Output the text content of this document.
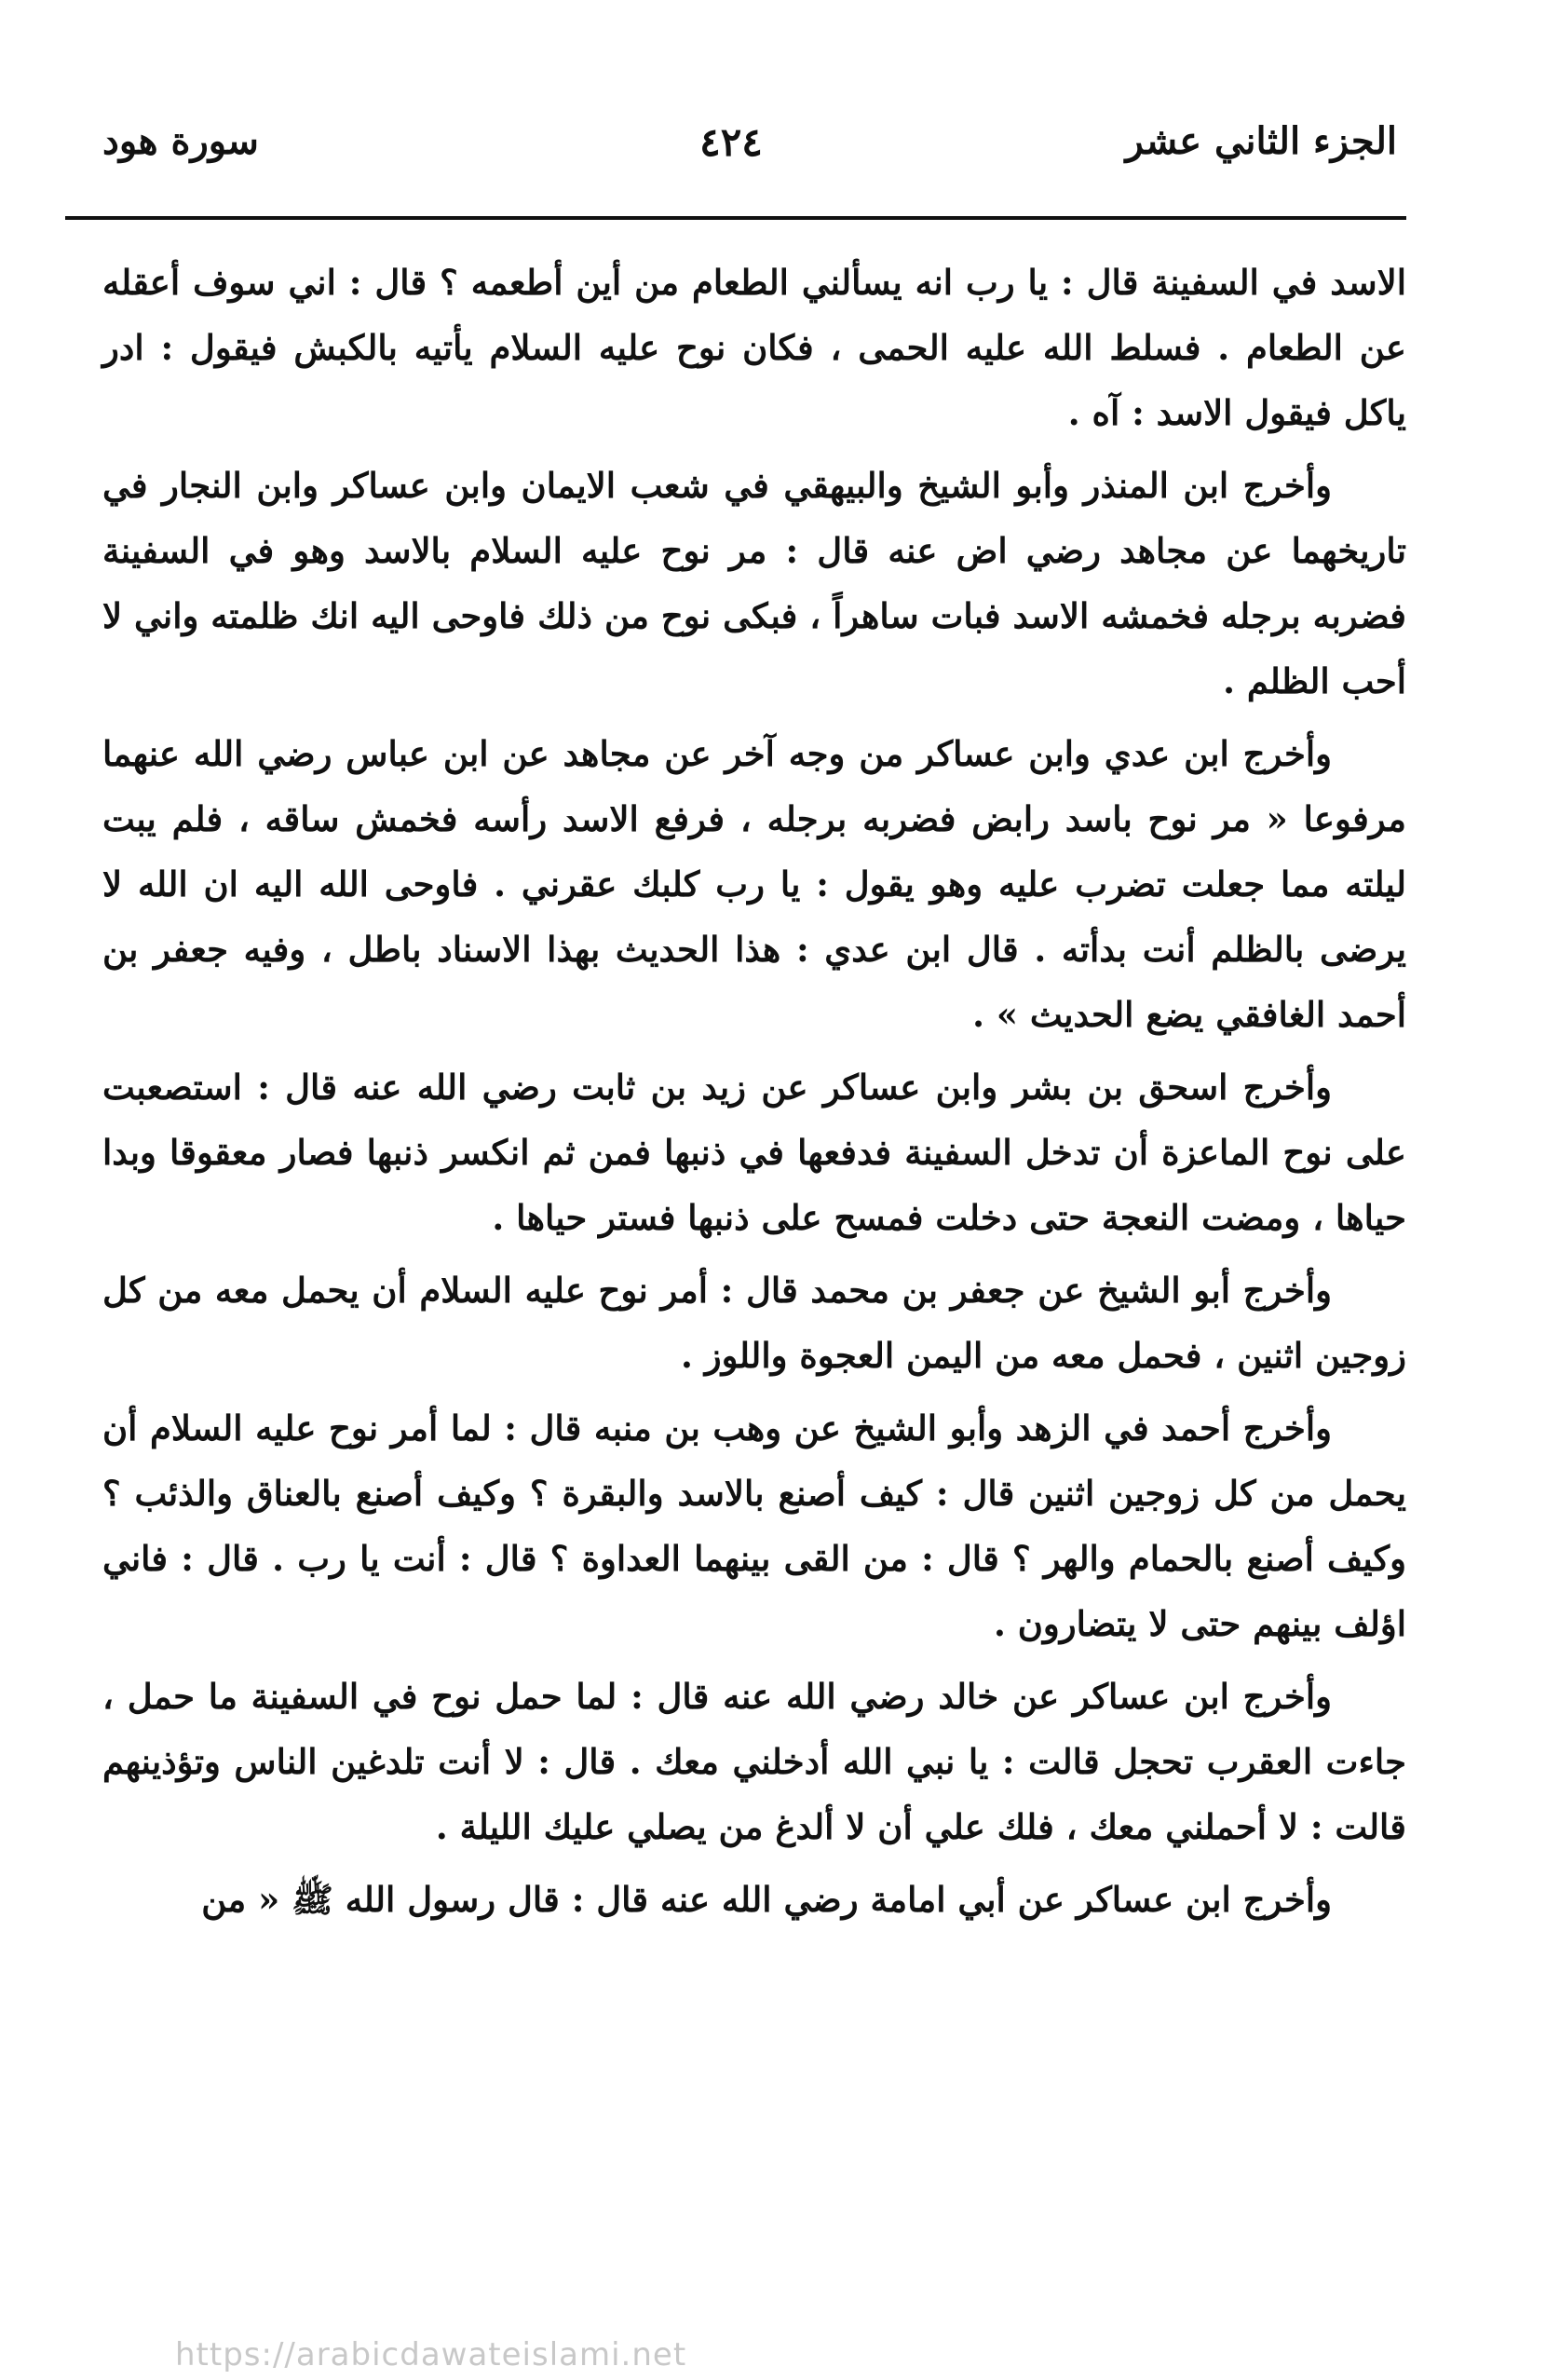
الجزء الثاني عشر
٤٢٤
سورة هود

الاسد في السفينة قال : يا رب انه يسألني الطعام من أين أطعمه ؟ قال : اني سوف أعقله عن الطعام . فسلط الله عليه الحمى ، فكان نوح عليه السلام يأتيه بالكبش فيقول : ادر ياكل فيقول الاسد : آه .

وأخرج ابن المنذر وأبو الشيخ والبيهقي في شعب الايمان وابن عساكر وابن النجار في تاريخهما عن مجاهد رضي اض عنه قال : مر نوح عليه السلام بالاسد وهو في السفينة فضربه برجله فخمشه الاسد فبات ساهراً ، فبكى نوح من ذلك فاوحى اليه انك ظلمته واني لا أحب الظلم .

وأخرج ابن عدي وابن عساكر من وجه آخر عن مجاهد عن ابن عباس رضي الله عنهما مرفوعا « مر نوح باسد رابض فضربه برجله ، فرفع الاسد رأسه فخمش ساقه ، فلم يبت ليلته مما جعلت تضرب عليه وهو يقول : يا رب كلبك عقرني . فاوحى الله اليه ان الله لا يرضى بالظلم أنت بدأته . قال ابن عدي : هذا الحديث بهذا الاسناد باطل ، وفيه جعفر بن أحمد الغافقي يضع الحديث » .

وأخرج اسحق بن بشر وابن عساكر عن زيد بن ثابت رضي الله عنه قال : استصعبت على نوح الماعزة أن تدخل السفينة فدفعها في ذنبها فمن ثم انكسر ذنبها فصار معقوقا وبدا حياها ، ومضت النعجة حتى دخلت فمسح على ذنبها فستر حياها .

وأخرج أبو الشيخ عن جعفر بن محمد قال : أمر نوح عليه السلام أن يحمل معه من كل زوجين اثنين ، فحمل معه من اليمن العجوة واللوز .

وأخرج أحمد في الزهد وأبو الشيخ عن وهب بن منبه قال : لما أمر نوح عليه السلام أن يحمل من كل زوجين اثنين قال : كيف أصنع بالاسد والبقرة ؟ وكيف أصنع بالعناق والذئب ؟ وكيف أصنع بالحمام والهر ؟ قال : من القى بينهما العداوة ؟ قال : أنت يا رب . قال : فاني اؤلف بينهم حتى لا يتضارون .

وأخرج ابن عساكر عن خالد رضي الله عنه قال : لما حمل نوح في السفينة ما حمل ، جاءت العقرب تحجل قالت : يا نبي الله أدخلني معك . قال : لا أنت تلدغين الناس وتؤذينهم قالت : لا أحملني معك ، فلك علي أن لا ألدغ من يصلي عليك الليلة .

وأخرج ابن عساكر عن أبي امامة رضي الله عنه قال : قال رسول الله ﷺ « من

https://arabicdawateislami.net
